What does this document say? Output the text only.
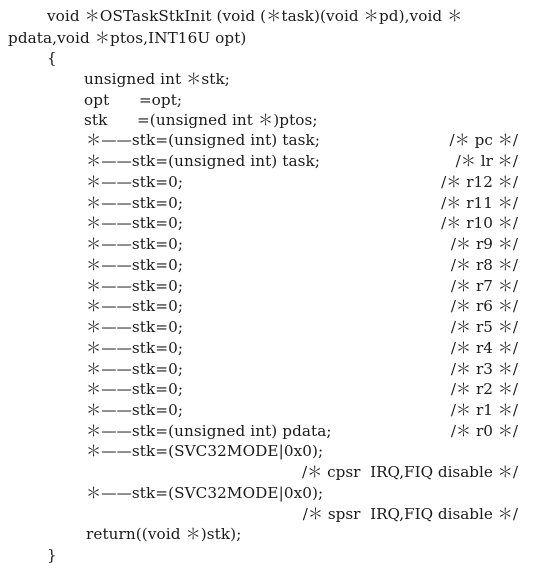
void ＊OSTaskStkInit (void (＊task)(void ＊pd),void ＊
pdata,void ＊ptos,INT16U opt)
{
unsigned int ＊stk;
opt      =opt;
stk      =(unsigned int ＊)ptos;
＊——stk=(unsigned int) task;	/＊ pc ＊/
＊——stk=(unsigned int) task;	/＊ lr ＊/
＊——stk=0;	/＊ r12 ＊/
＊——stk=0;	/＊ r11 ＊/
＊——stk=0;	/＊ r10 ＊/
＊——stk=0;	/＊ r9 ＊/
＊——stk=0;	/＊ r8 ＊/
＊——stk=0;	/＊ r7 ＊/
＊——stk=0;	/＊ r6 ＊/
＊——stk=0;	/＊ r5 ＊/
＊——stk=0;	/＊ r4 ＊/
＊——stk=0;	/＊ r3 ＊/
＊——stk=0;	/＊ r2 ＊/
＊——stk=0;	/＊ r1 ＊/
＊——stk=(unsigned int) pdata;	/＊ r0 ＊/
＊——stk=(SVC32MODE|0x0);
/＊ cpsr  IRQ,FIQ disable ＊/
＊——stk=(SVC32MODE|0x0);
/＊ spsr  IRQ,FIQ disable ＊/
return((void ＊)stk);
}
